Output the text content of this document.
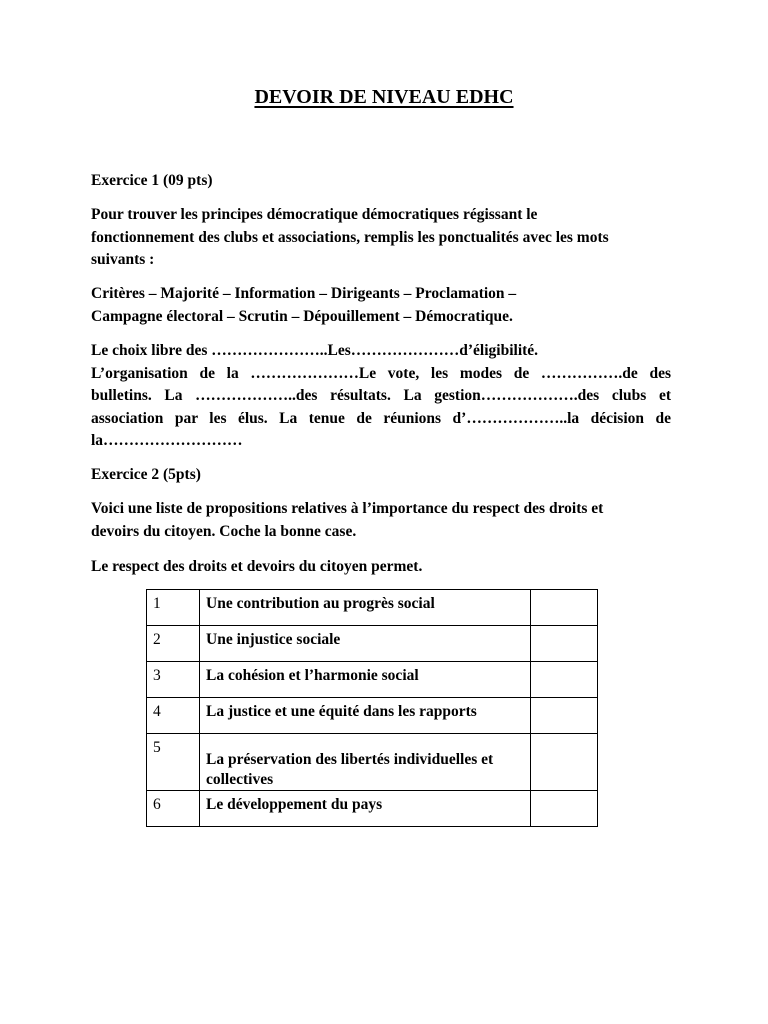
DEVOIR DE NIVEAU EDHC
Exercice 1 (09 pts)
Pour trouver les principes démocratique démocratiques régissant le
fonctionnement des clubs et associations, remplis les ponctualités avec les mots
suivants :
Critères – Majorité – Information – Dirigeants – Proclamation –
Campagne électoral – Scrutin – Dépouillement – Démocratique.
Le choix libre des …………………..Les…………………d’éligibilité.
L’organisation de la …………………Le vote, les modes de …………….de des
bulletins. La ………………..des résultats. La gestion……………….des clubs et
association par les élus. La tenue de réunions d’………………..la décision de
la………………………
Exercice 2 (5pts)
Voici une liste de propositions relatives à l’importance du respect des droits et
devoirs du citoyen. Coche la bonne case.
Le respect des droits et devoirs du citoyen permet.
1	Une contribution au progrès social	
2	Une injustice sociale	
3	La cohésion et l’harmonie social	
4	La justice et une équité dans les rapports	
5	La préservation des libertés individuelles et
collectives	

6	Le développement du pays	
